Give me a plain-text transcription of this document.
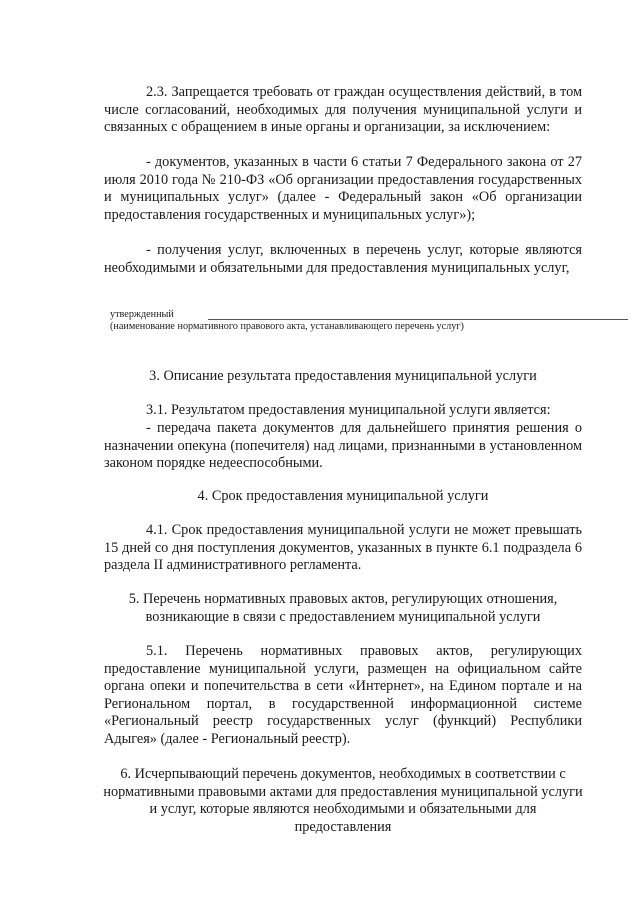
2.3. Запрещается требовать от граждан осуществления действий, в том числе согласований, необходимых для получения муниципальной услуги и связанных с обращением в иные органы и организации, за исключением:

- документов, указанных в части 6 статьи 7 Федерального закона от 27 июля 2010 года № 210-ФЗ «Об организации предоставления государственных и муниципальных услуг» (далее - Федеральный закон «Об организации предоставления государственных и муниципальных услуг»);

- получения услуг, включенных в перечень услуг, которые являются необходимыми и обязательными для предоставления муниципальных услуг,

утвержденный
(наименование нормативного правового акта, устанавливающего перечень услуг)

3. Описание результата предоставления муниципальной услуги

3.1. Результатом предоставления муниципальной услуги является:

- передача пакета документов для дальнейшего принятия решения о назначении опекуна (попечителя) над лицами, признанными в установленном законом порядке недееспособными.

4. Срок предоставления муниципальной услуги

4.1. Срок предоставления муниципальной услуги не может превышать 15 дней со дня поступления документов, указанных в пункте 6.1 подраздела 6 раздела II административного регламента.

5. Перечень нормативных правовых актов, регулирующих отношения, возникающие в связи с предоставлением муниципальной услуги

5.1. Перечень нормативных правовых актов, регулирующих предоставление муниципальной услуги, размещен на официальном сайте органа опеки и попечительства в сети «Интернет», на Едином портале и на Региональном портал, в государственной информационной системе «Региональный реестр государственных услуг (функций) Республики Адыгея» (далее - Региональный реестр).

6. Исчерпывающий перечень документов, необходимых в соответствии с нормативными правовыми актами для предоставления муниципальной услуги и услуг, которые являются необходимыми и обязательными для предоставления
